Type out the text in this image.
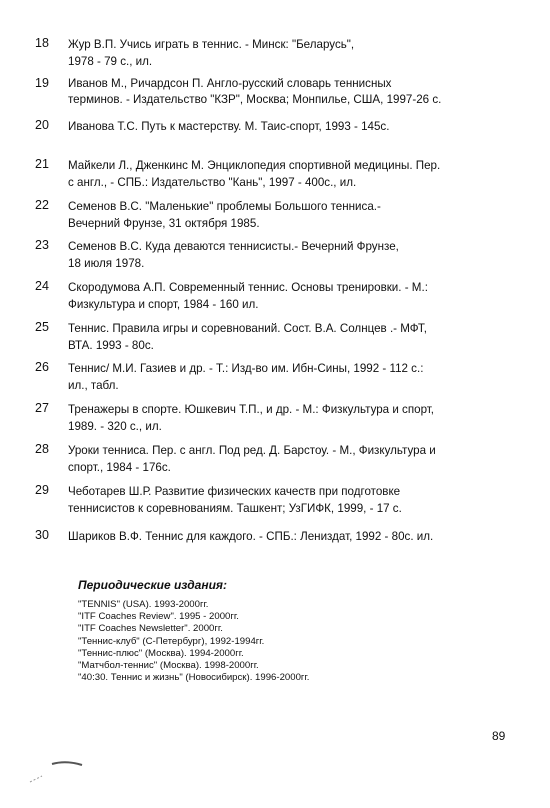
18 Жур В.П. Учись играть в теннис. - Минск: "Беларусь",
1978 - 79 с., ил.
19 Иванов М., Ричардсон П. Англо-русский словарь теннисных
терминов. - Издательство "КЗР", Москва; Монпилье, США, 1997-26 с.
20 Иванова Т.С. Путь к мастерству. М. Таис-спорт, 1993 - 145с.
21 Майкели Л., Дженкинс М. Энциклопедия спортивной медицины. Пер.
с англ., - СПБ.: Издательство "Кань", 1997 - 400с., ил.
22 Семенов В.С. "Маленькие" проблемы Большого тенниса.-
Вечерний Фрунзе, 31 октября 1985.
23 Семенов В.С. Куда деваются теннисисты.- Вечерний Фрунзе,
18 июля 1978.
24 Скородумова А.П. Современный теннис. Основы тренировки. - М.:
Физкультура и спорт, 1984 - 160 ил.
25 Теннис. Правила игры и соревнований. Сост. В.А. Солнцев .- МФТ,
ВТА. 1993 - 80с.
26 Теннис/ М.И. Газиев и др. - Т.: Изд-во им. Ибн-Сины, 1992 - 112 с.:
ил., табл.
27 Тренажеры в спорте. Юшкевич Т.П., и др. - М.: Физкультура и спорт,
1989. - 320 с., ил.
28 Уроки тенниса. Пер. с англ. Под ред. Д. Барстоу. - М., Физкультура и
спорт., 1984 - 176с.
29 Чеботарев Ш.Р. Развитие физических качеств при подготовке
теннисистов к соревнованиям. Ташкент; УзГИФК, 1999, - 17 с.
30 Шариков В.Ф. Теннис для каждого. - СПБ.: Лениздат, 1992 - 80с. ил.
Периодические издания:
"TENNIS" (USA). 1993-2000гг.
"ITF Coaches Review". 1995 - 2000гг.
"ITF Coaches Newsletter". 2000гг.
"Теннис-клуб" (С-Петербург), 1992-1994гг.
"Теннис-плюс" (Москва). 1994-2000гг.
"Матчбол-теннис" (Москва). 1998-2000гг.
"40:30. Теннис и жизнь" (Новосибирск). 1996-2000гг.
89
